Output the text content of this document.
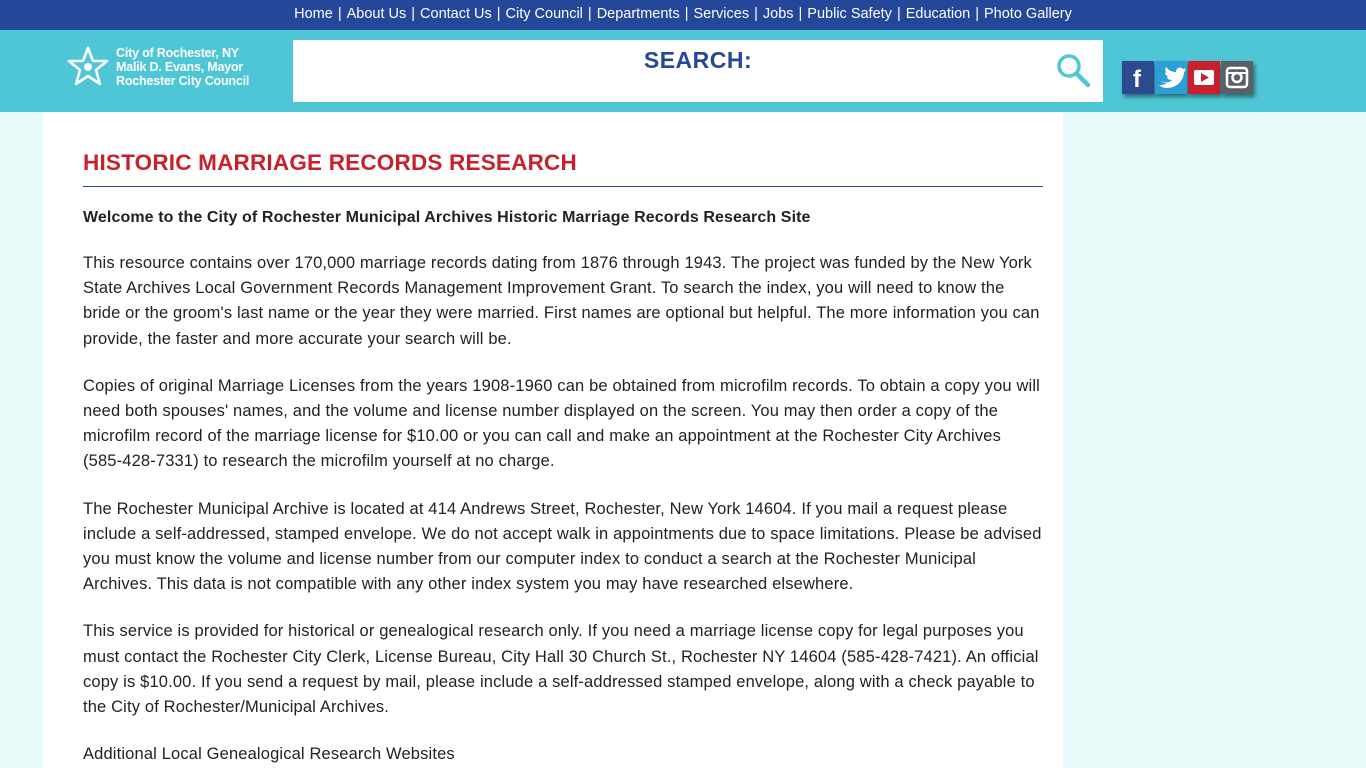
Home | About Us | Contact Us | City Council | Departments | Services | Jobs | Public Safety | Education | Photo Gallery
City of Rochester, NY
Malik D. Evans, Mayor
Rochester City Council
SEARCH:
f
HISTORIC MARRIAGE RECORDS RESEARCH
Welcome to the City of Rochester Municipal Archives Historic Marriage Records Research Site

This resource contains over 170,000 marriage records dating from 1876 through 1943. The project was funded by the New York State Archives Local Government Records Management Improvement Grant. To search the index, you will need to know the bride or the groom's last name or the year they were married. First names are optional but helpful. The more information you can provide, the faster and more accurate your search will be.

Copies of original Marriage Licenses from the years 1908-1960 can be obtained from microfilm records. To obtain a copy you will need both spouses' names, and the volume and license number displayed on the screen. You may then order a copy of the microfilm record of the marriage license for $10.00 or you can call and make an appointment at the Rochester City Archives (585-428-7331) to research the microfilm yourself at no charge.

The Rochester Municipal Archive is located at 414 Andrews Street, Rochester, New York 14604. If you mail a request please include a self-addressed, stamped envelope. We do not accept walk in appointments due to space limitations. Please be advised you must know the volume and license number from our computer index to conduct a search at the Rochester Municipal Archives. This data is not compatible with any other index system you may have researched elsewhere.

This service is provided for historical or genealogical research only. If you need a marriage license copy for legal purposes you must contact the Rochester City Clerk, License Bureau, City Hall 30 Church St., Rochester NY 14604 (585-428-7421). An official copy is $10.00. If you send a request by mail, please include a self-addressed stamped envelope, along with a check payable to the City of Rochester/Municipal Archives.

Additional Local Genealogical Research Websites
